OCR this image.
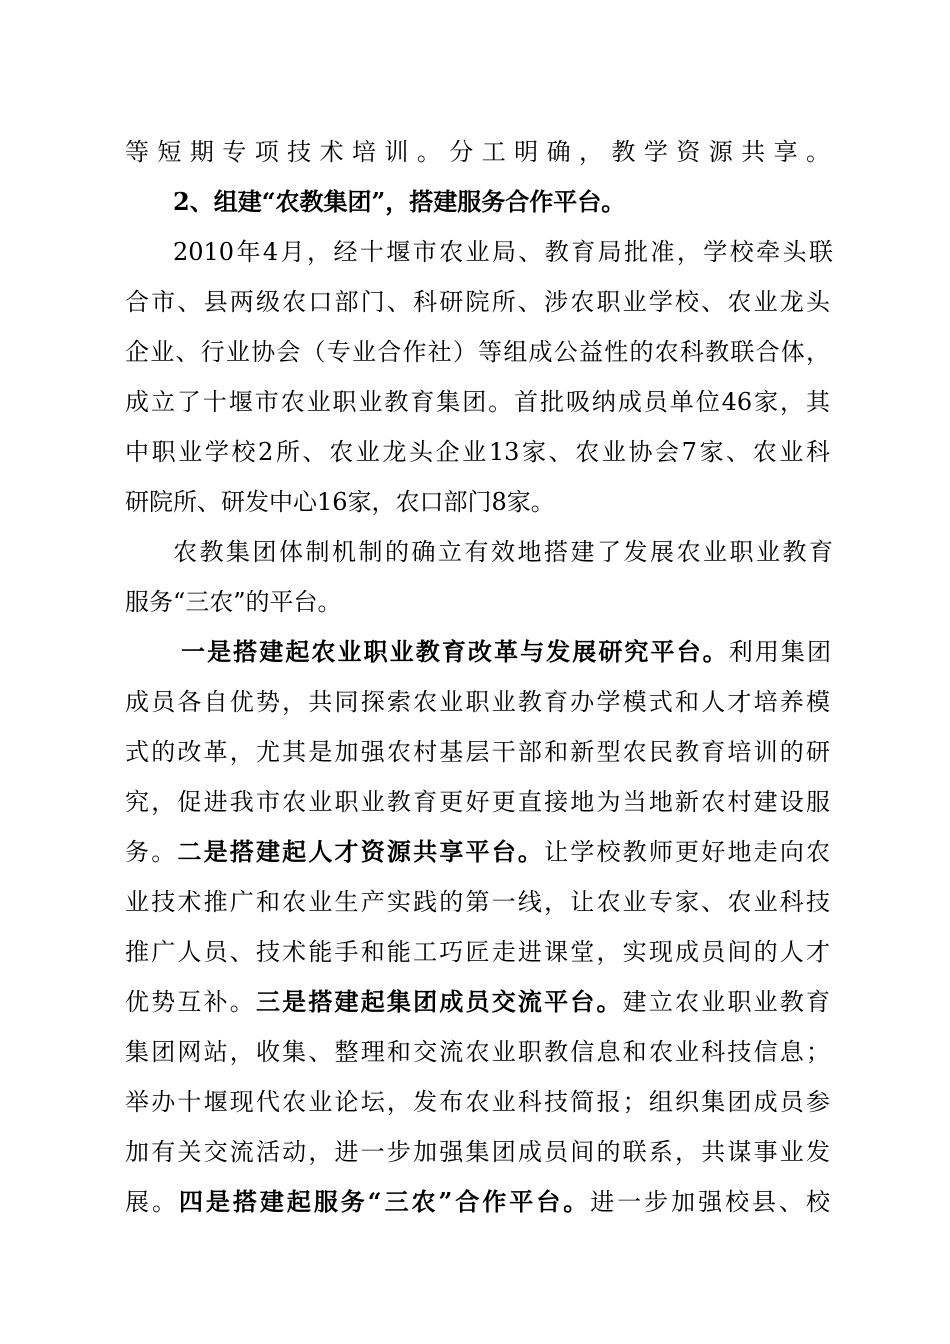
等短期专项技术培训。分工明确，教学资源共享。
2、组建“农教集团”，搭建服务合作平台。
2010年4月，经十堰市农业局、教育局批准，学校牵头联
合市、县两级农口部门、科研院所、涉农职业学校、农业龙头
企业、行业协会（专业合作社）等组成公益性的农科教联合体，
成立了十堰市农业职业教育集团。首批吸纳成员单位46家，其
中职业学校2所、农业龙头企业13家、农业协会7家、农业科
研院所、研发中心16家，农口部门8家。
农教集团体制机制的确立有效地搭建了发展农业职业教育
服务“三农”的平台。
一是搭建起农业职业教育改革与发展研究平台。利用集团
成员各自优势，共同探索农业职业教育办学模式和人才培养模
式的改革，尤其是加强农村基层干部和新型农民教育培训的研
究，促进我市农业职业教育更好更直接地为当地新农村建设服
务。二是搭建起人才资源共享平台。让学校教师更好地走向农
业技术推广和农业生产实践的第一线，让农业专家、农业科技
推广人员、技术能手和能工巧匠走进课堂，实现成员间的人才
优势互补。三是搭建起集团成员交流平台。建立农业职业教育
集团网站，收集、整理和交流农业职教信息和农业科技信息；
举办十堰现代农业论坛，发布农业科技简报；组织集团成员参
加有关交流活动，进一步加强集团成员间的联系，共谋事业发
展。四是搭建起服务“三农”合作平台。进一步加强校县、校
